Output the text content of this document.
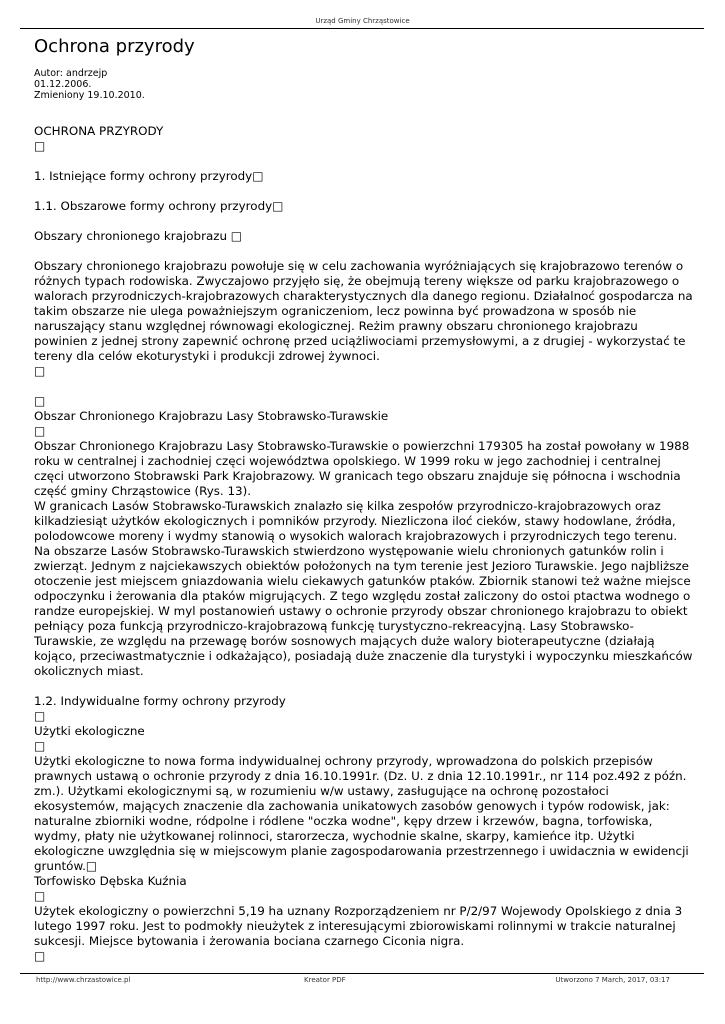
Urząd Gminy Chrząstowice
Ochrona przyrody
Autor: andrzejp
01.12.2006.
Zmieniony 19.10.2010.

OCHRONA PRZYRODY
□

1. Istniejące formy ochrony przyrody□

1.1. Obszarowe formy ochrony przyrody□

Obszary chronionego krajobrazu □

Obszary chronionego krajobrazu powołuje się w celu zachowania wyróżniających się krajobrazowo terenów o różnych typach rodowiska. Zwyczajowo przyjęło się, że obejmują tereny większe od parku krajobrazowego o walorach przyrodniczych-krajobrazowych charakterystycznych dla danego regionu. Działalnoć gospodarcza na takim obszarze nie ulega poważniejszym ograniczeniom, lecz powinna być prowadzona w sposób nie naruszający stanu względnej równowagi ekologicznej. Reżim prawny obszaru chronionego krajobrazu powinien z jednej strony zapewnić ochronę przed uciążliwociami przemysłowymi, a z drugiej - wykorzystać te tereny dla celów ekoturystyki i produkcji zdrowej żywnoci.
□

□
Obszar Chronionego Krajobrazu Lasy Stobrawsko-Turawskie
□
Obszar Chronionego Krajobrazu Lasy Stobrawsko-Turawskie o powierzchni 179305 ha został powołany w 1988 roku w centralnej i zachodniej częci województwa opolskiego. W 1999 roku w jego zachodniej i centralnej częci utworzono Stobrawski Park Krajobrazowy. W granicach tego obszaru znajduje się północna i wschodnia część gminy Chrząstowice (Rys. 13).
W granicach Lasów Stobrawsko-Turawskich znalazło się kilka zespołów przyrodniczo-krajobrazowych oraz kilkadziesiąt użytków ekologicznych i pomników przyrody. Niezliczona iloć cieków, stawy hodowlane, źródła, polodowcowe moreny i wydmy stanowią o wysokich walorach krajobrazowych i przyrodniczych tego terenu. Na obszarze Lasów Stobrawsko-Turawskich stwierdzono występowanie wielu chronionych gatunków rolin i zwierząt. Jednym z najciekawszych obiektów położonych na tym terenie jest Jezioro Turawskie. Jego najbliższe otoczenie jest miejscem gniazdowania wielu ciekawych gatunków ptaków. Zbiornik stanowi też ważne miejsce odpoczynku i żerowania dla ptaków migrujących. Z tego względu został zaliczony do ostoi ptactwa wodnego o randze europejskiej. W myl postanowień ustawy o ochronie przyrody obszar chronionego krajobrazu to obiekt pełniący poza funkcją przyrodniczo-krajobrazową funkcję turystyczno-rekreacyjną. Lasy Stobrawsko-Turawskie, ze względu na przewagę borów sosnowych mających duże walory bioterapeutyczne (działają kojąco, przeciwastmatycznie i odkażająco), posiadają duże znaczenie dla turystyki i wypoczynku mieszkańców okolicznych miast.

1.2. Indywidualne formy ochrony przyrody
□
Użytki ekologiczne
□
Użytki ekologiczne to nowa forma indywidualnej ochrony przyrody, wprowadzona do polskich przepisów prawnych ustawą o ochronie przyrody z dnia 16.10.1991r. (Dz. U. z dnia 12.10.1991r., nr 114 poz.492 z późn. zm.). Użytkami ekologicznymi są, w rozumieniu w/w ustawy, zasługujące na ochronę pozostałoci ekosystemów, mających znaczenie dla zachowania unikatowych zasobów genowych i typów rodowisk, jak: naturalne zbiorniki wodne, ródpolne i ródlene "oczka wodne", kępy drzew i krzewów, bagna, torfowiska, wydmy, płaty nie użytkowanej rolinnoci, starorzecza, wychodnie skalne, skarpy, kamieńce itp. Użytki ekologiczne uwzględnia się w miejscowym planie zagospodarowania przestrzennego i uwidacznia w ewidencji gruntów.□
Torfowisko Dębska Kuźnia
□
Użytek ekologiczny o powierzchni 5,19 ha uznany Rozporządzeniem nr P/2/97 Wojewody Opolskiego z dnia 3 lutego 1997 roku. Jest to podmokły nieużytek z interesującymi zbiorowiskami rolinnymi w trakcie naturalnej sukcesji. Miejsce bytowania i żerowania bociana czarnego Ciconia nigra.
□

http://www.chrzastowice.pl	Kreator PDF	Utworzono 7 March, 2017, 03:17
